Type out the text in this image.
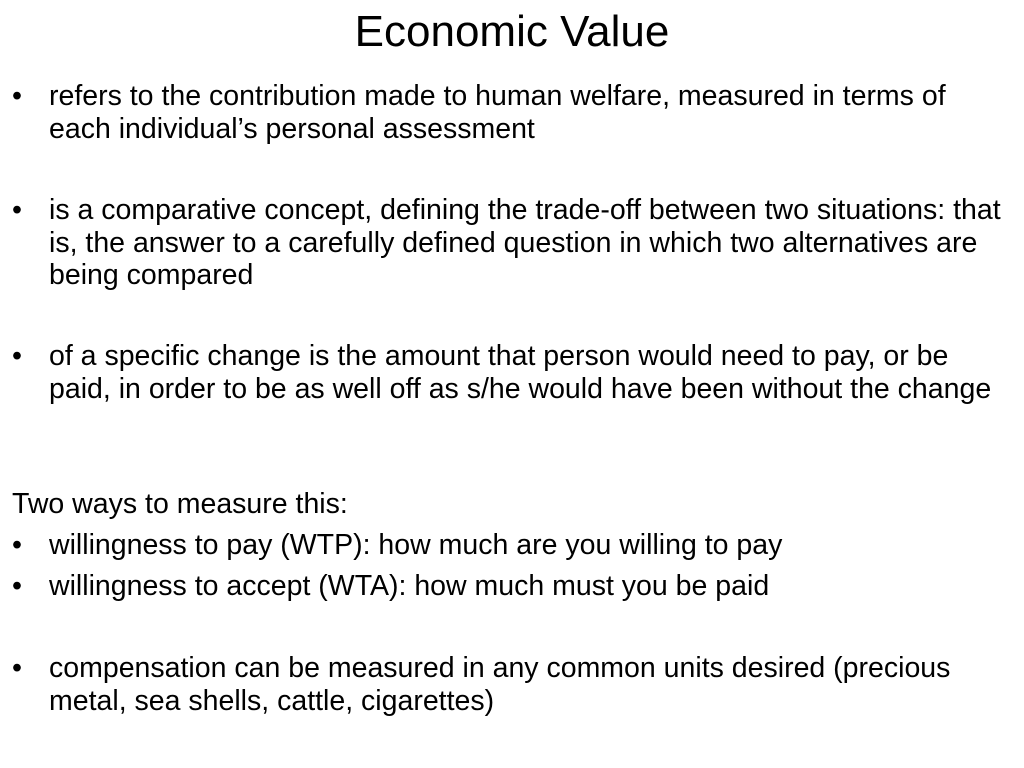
Economic Value
• refers to the contribution made to human welfare, measured in terms of each individual’s personal assessment
• is a comparative concept, defining the trade-off between two situations: that is, the answer to a carefully defined question in which two alternatives are being compared
• of a specific change is the amount that person would need to pay, or be paid, in order to be as well off as s/he would have been without the change
Two ways to measure this:
• willingness to pay (WTP): how much are you willing to pay
• willingness to accept (WTA): how much must you be paid
• compensation can be measured in any common units desired (precious metal, sea shells, cattle, cigarettes)
